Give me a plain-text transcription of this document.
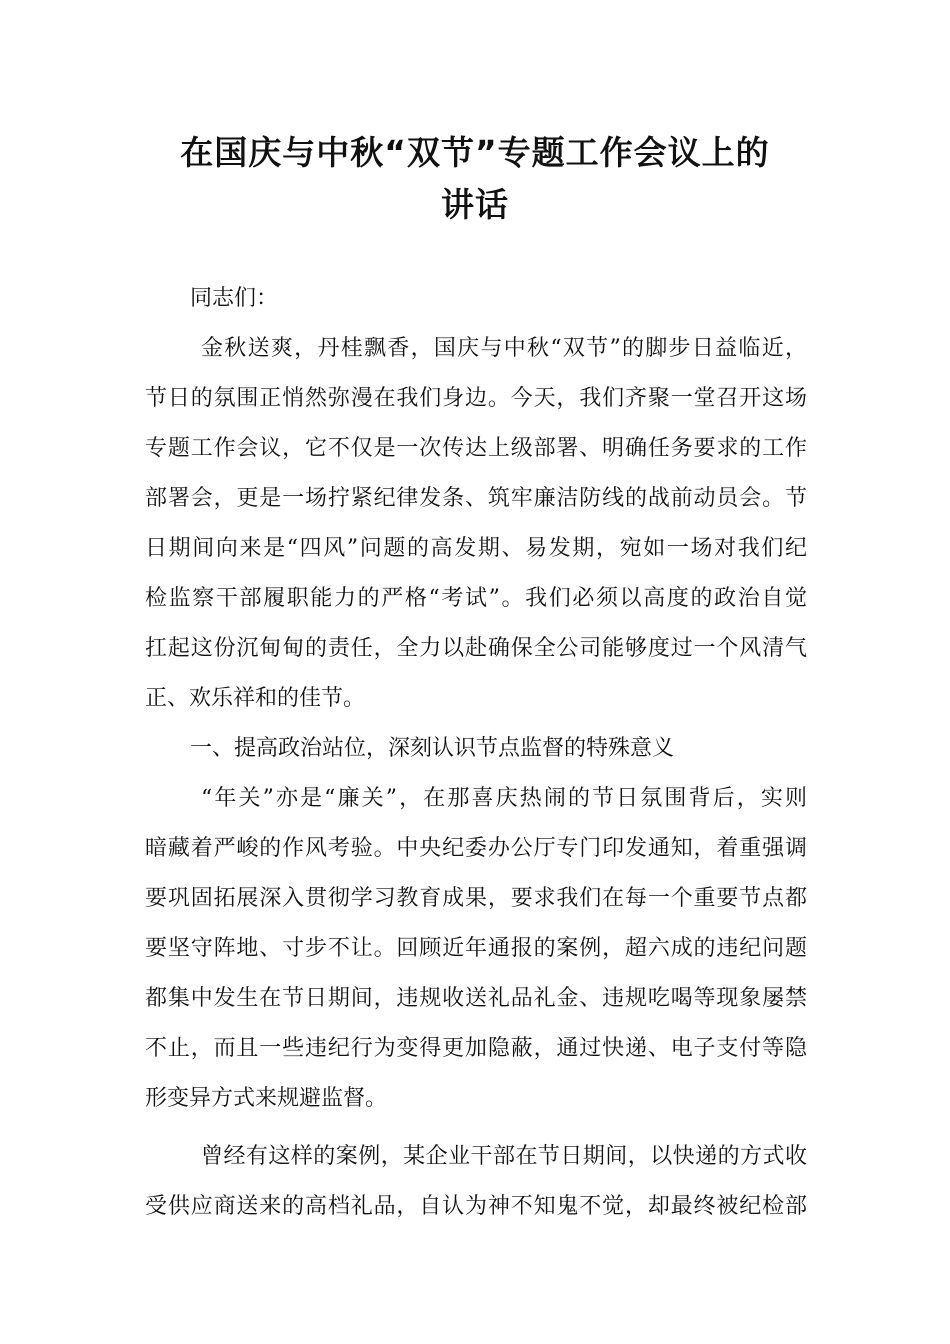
在国庆与中秋“双节”专题工作会议上的
讲话
同志们：
金秋送爽，丹桂飘香，国庆与中秋“双节”的脚步日益临近，
节日的氛围正悄然弥漫在我们身边。今天，我们齐聚一堂召开这场
专题工作会议，它不仅是一次传达上级部署、明确任务要求的工作
部署会，更是一场拧紧纪律发条、筑牢廉洁防线的战前动员会。节
日期间向来是“四风”问题的高发期、易发期，宛如一场对我们纪
检监察干部履职能力的严格“考试”。我们必须以高度的政治自觉
扛起这份沉甸甸的责任，全力以赴确保全公司能够度过一个风清气
正、欢乐祥和的佳节。
一、提高政治站位，深刻认识节点监督的特殊意义
“年关”亦是“廉关”，在那喜庆热闹的节日氛围背后，实则
暗藏着严峻的作风考验。中央纪委办公厅专门印发通知，着重强调
要巩固拓展深入贯彻学习教育成果，要求我们在每一个重要节点都
要坚守阵地、寸步不让。回顾近年通报的案例，超六成的违纪问题
都集中发生在节日期间，违规收送礼品礼金、违规吃喝等现象屡禁
不止，而且一些违纪行为变得更加隐蔽，通过快递、电子支付等隐
形变异方式来规避监督。
曾经有这样的案例，某企业干部在节日期间，以快递的方式收
受供应商送来的高档礼品，自认为神不知鬼不觉，却最终被纪检部
